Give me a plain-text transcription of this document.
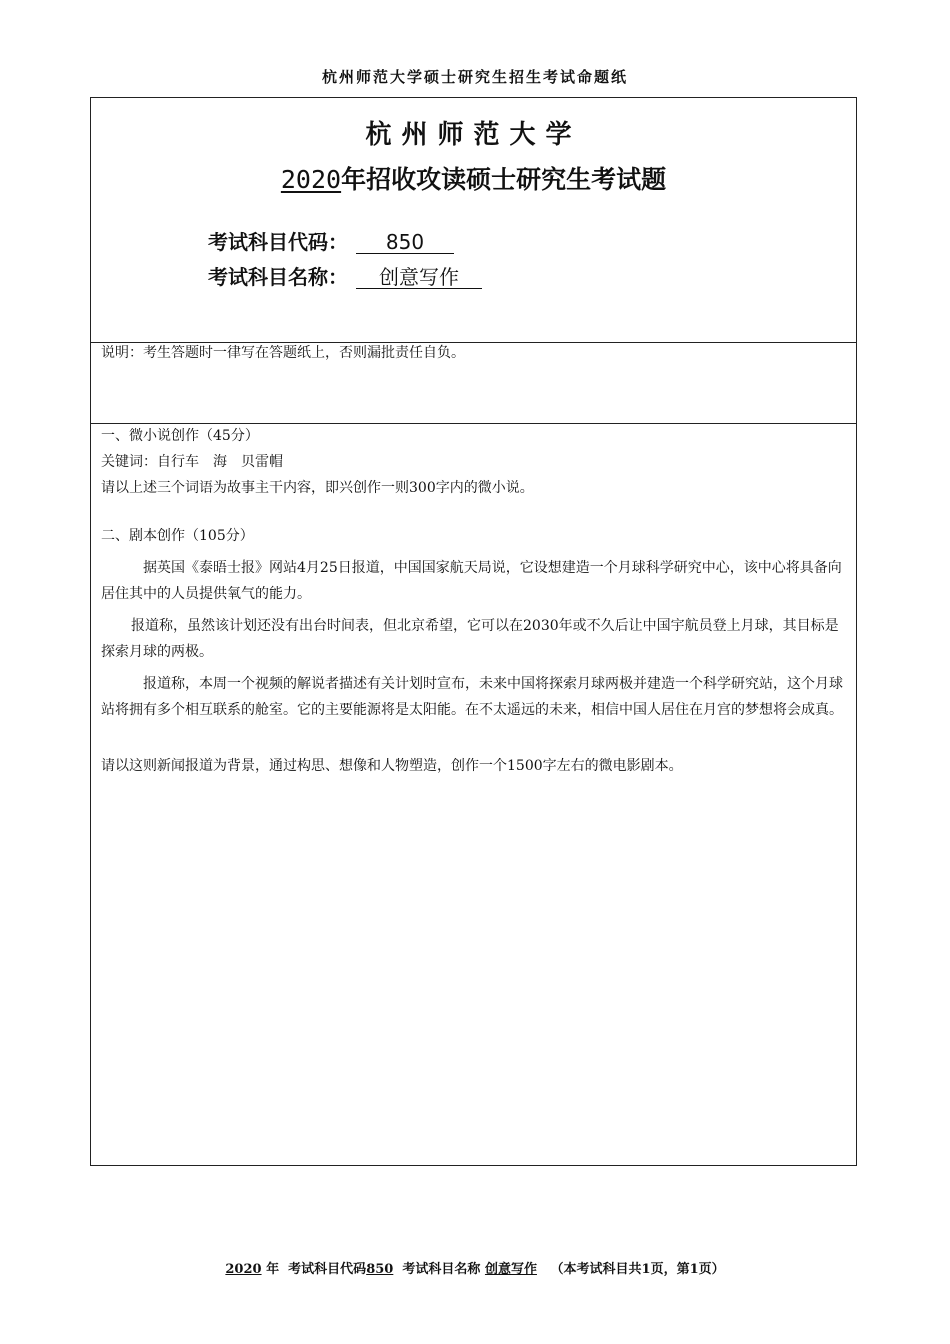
杭州师范大学硕士研究生招生考试命题纸
杭州师范大学
2020年招收攻读硕士研究生考试题
考试科目代码： 850
考试科目名称： 创意写作
说明：考生答题时一律写在答题纸上，否则漏批责任自负。

一、微小说创作（45分）

关键词：自行车　海　贝雷帽

请以上述三个词语为故事主干内容，即兴创作一则300字内的微小说。

二、剧本创作（105分）

据英国《泰晤士报》网站4月25日报道，中国国家航天局说，它设想建造一个月球科学研究中心，该中心将具备向居住其中的人员提供氧气的能力。

报道称，虽然该计划还没有出台时间表，但北京希望，它可以在2030年或不久后让中国宇航员登上月球，其目标是探索月球的两极。

报道称，本周一个视频的解说者描述有关计划时宣布，未来中国将探索月球两极并建造一个科学研究站，这个月球站将拥有多个相互联系的舱室。它的主要能源将是太阳能。在不太遥远的未来，相信中国人居住在月宫的梦想将会成真。

请以这则新闻报道为背景，通过构思、想像和人物塑造，创作一个1500字左右的微电影剧本。

2020 年 考试科目代码850 考试科目名称 创意写作 （本考试科目共1页，第1页）
